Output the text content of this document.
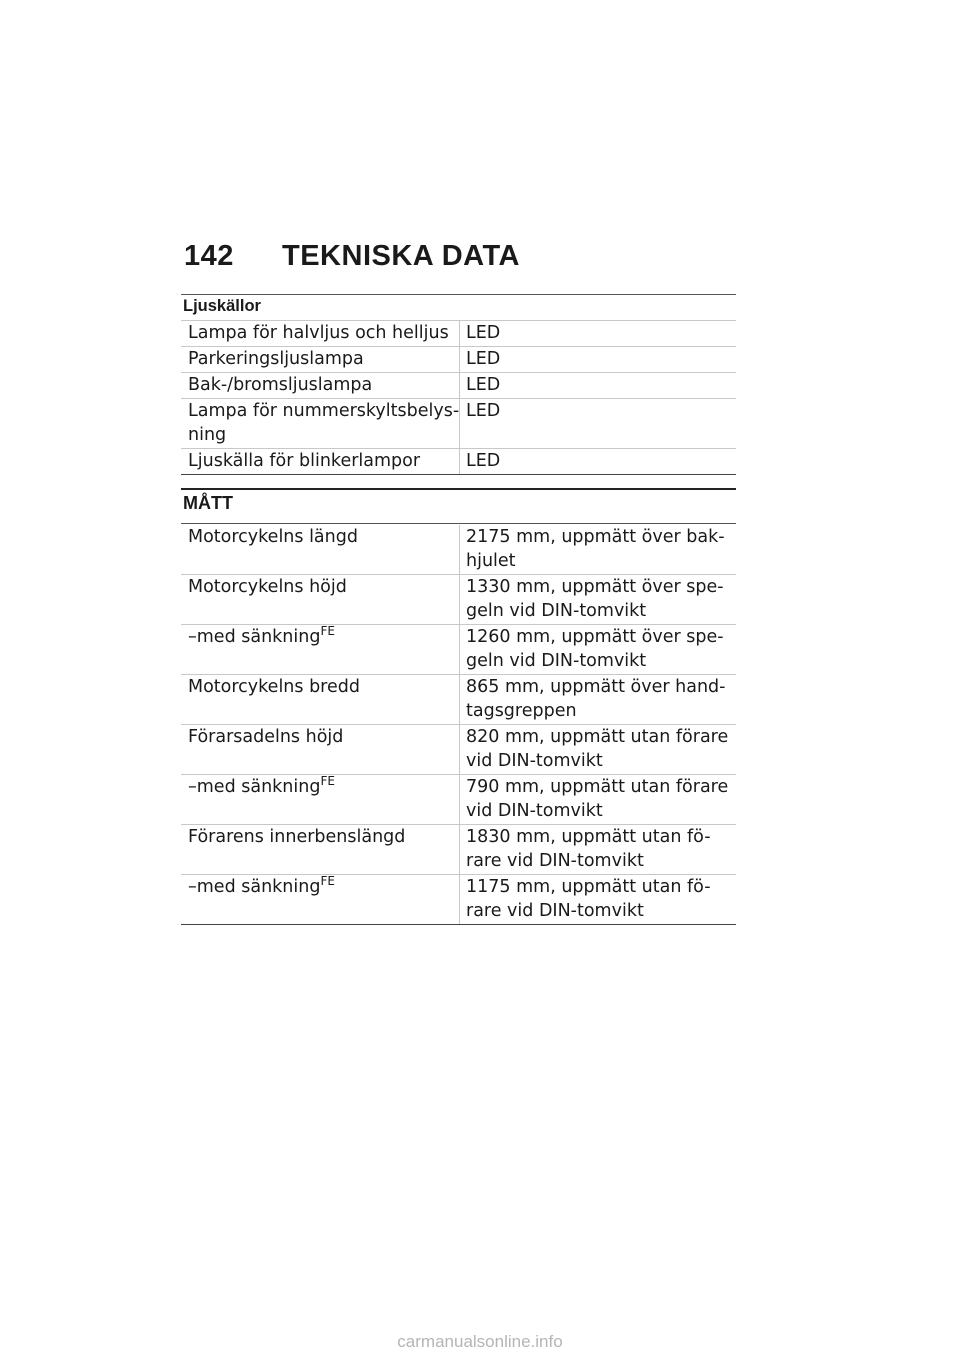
142 TEKNISKA DATA
Ljuskällor
Lampa för halvljus och helljus	LED

Parkeringsljuslampa	LED

Bak-/bromsljuslampa	LED

Lampa för nummerskyltsbelys-
ning	LED

Ljuskälla för blinkerlampor	LED
MÅTT
Motorcykelns längd	2175 mm, uppmätt över bak-
hjulet

Motorcykelns höjd	1330 mm, uppmätt över spe-
geln vid DIN-tomvikt

–med sänkning$^{FE}$	1260 mm, uppmätt över spe-
geln vid DIN-tomvikt

Motorcykelns bredd	865 mm, uppmätt över hand-
tagsgreppen

Förarsadelns höjd	820 mm, uppmätt utan förare
vid DIN-tomvikt

–med sänkning$^{FE}$	790 mm, uppmätt utan förare
vid DIN-tomvikt

Förarens innerbenslängd	1830 mm, uppmätt utan fö-
rare vid DIN-tomvikt

–med sänkning$^{FE}$	1175 mm, uppmätt utan fö-
rare vid DIN-tomvikt
carmanualsonline.info
